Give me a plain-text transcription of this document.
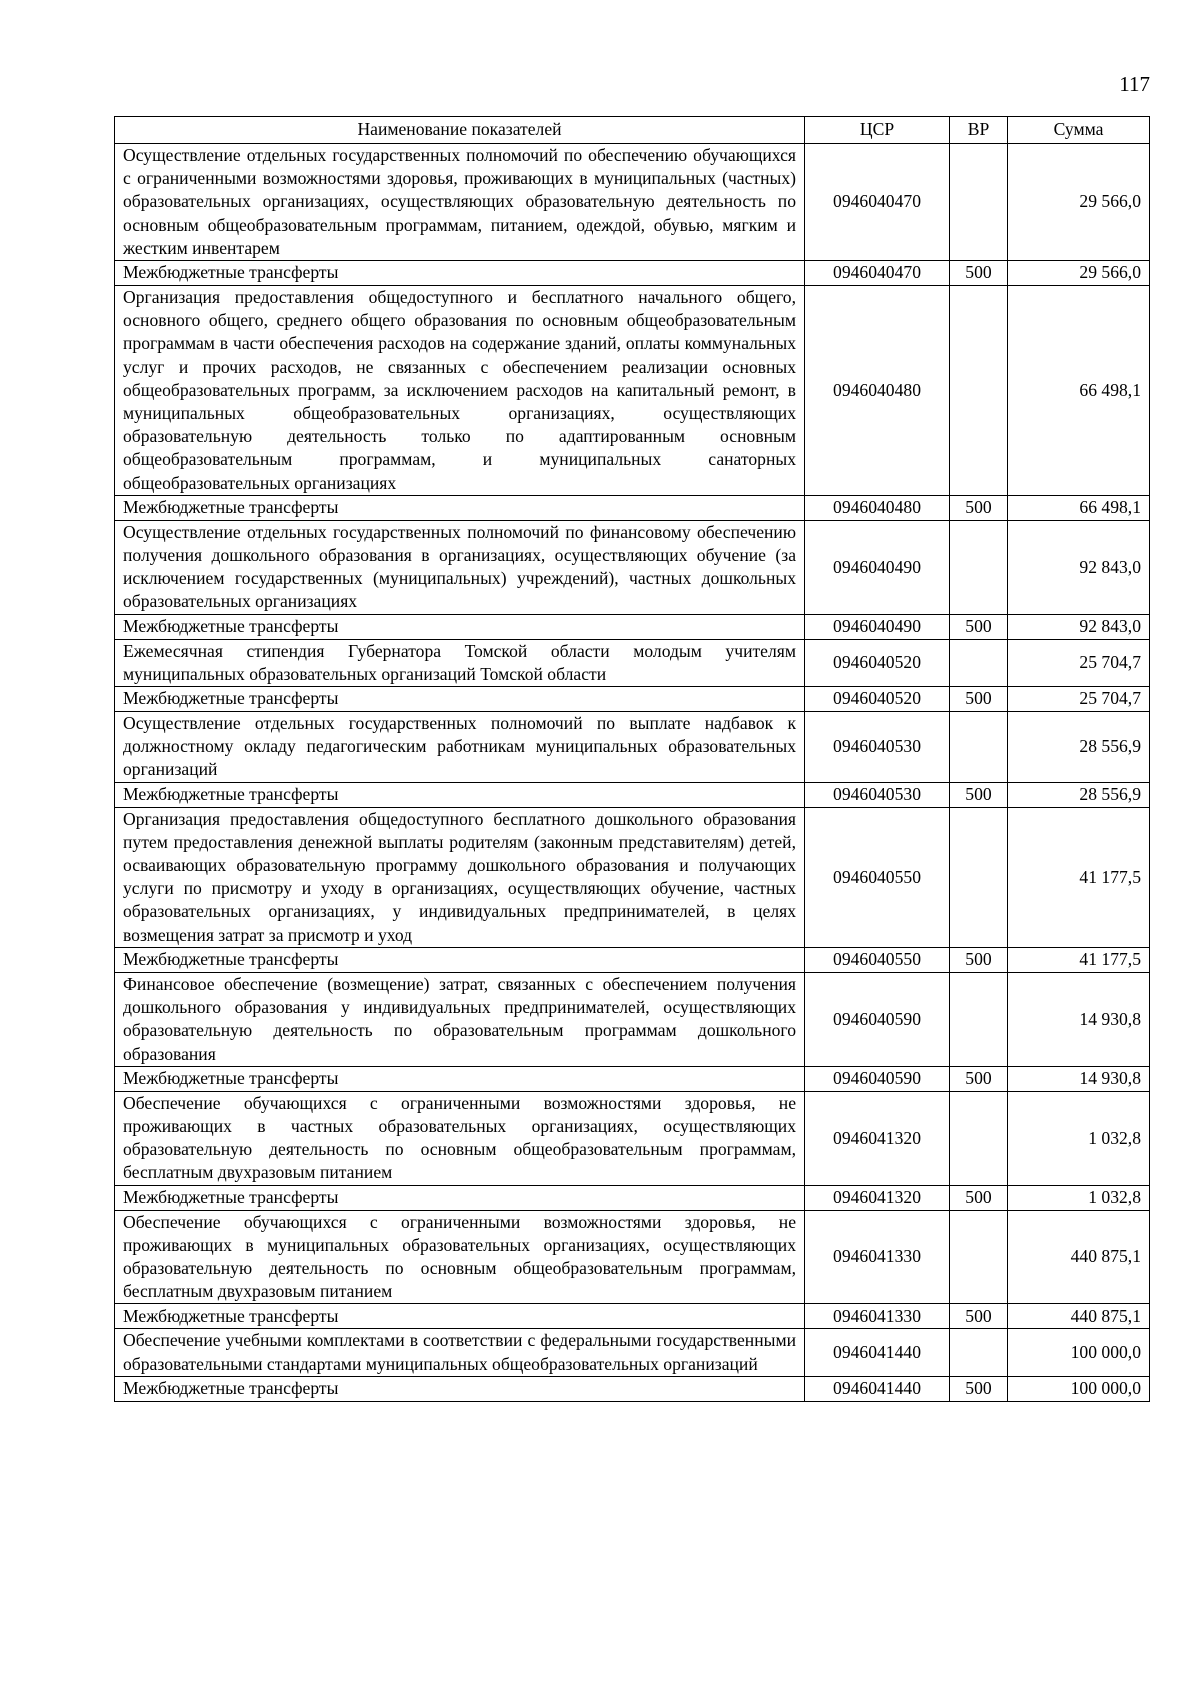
117
Наименование показателей	ЦСР	ВР	Сумма
Осуществление отдельных государственных полномочий по обеспечению обучающихся с ограниченными возможностями здоровья, проживающих в муниципальных (частных) образовательных организациях, осуществляющих образовательную деятельность по основным общеобразовательным программам, питанием, одеждой, обувью, мягким и жестким инвентарем	0946040470		29 566,0
Межбюджетные трансферты	0946040470	500	29 566,0
Организация предоставления общедоступного и бесплатного начального общего, основного общего, среднего общего образования по основным общеобразовательным программам в части обеспечения расходов на содержание зданий, оплаты коммунальных услуг и прочих расходов, не связанных с обеспечением реализации основных общеобразовательных программ, за исключением расходов на капитальный ремонт, в муниципальных общеобразовательных организациях, осуществляющих образовательную деятельность только по адаптированным основным общеобразовательным программам, и муниципальных санаторных общеобразовательных организациях	0946040480		66 498,1
Межбюджетные трансферты	0946040480	500	66 498,1
Осуществление отдельных государственных полномочий по финансовому обеспечению получения дошкольного образования в организациях, осуществляющих обучение (за исключением государственных (муниципальных) учреждений), частных дошкольных образовательных организациях	0946040490		92 843,0
Межбюджетные трансферты	0946040490	500	92 843,0
Ежемесячная стипендия Губернатора Томской области молодым учителям муниципальных образовательных организаций Томской области	0946040520		25 704,7
Межбюджетные трансферты	0946040520	500	25 704,7
Осуществление отдельных государственных полномочий по выплате надбавок к должностному окладу педагогическим работникам муниципальных образовательных организаций	0946040530		28 556,9
Межбюджетные трансферты	0946040530	500	28 556,9
Организация предоставления общедоступного бесплатного дошкольного образования путем предоставления денежной выплаты родителям (законным представителям) детей, осваивающих образовательную программу дошкольного образования и получающих услуги по присмотру и уходу в организациях, осуществляющих обучение, частных образовательных организациях, у индивидуальных предпринимателей, в целях возмещения затрат за присмотр и уход	0946040550		41 177,5
Межбюджетные трансферты	0946040550	500	41 177,5
Финансовое обеспечение (возмещение) затрат, связанных с обеспечением получения дошкольного образования у индивидуальных предпринимателей, осуществляющих образовательную деятельность по образовательным программам дошкольного образования	0946040590		14 930,8
Межбюджетные трансферты	0946040590	500	14 930,8
Обеспечение обучающихся с ограниченными возможностями здоровья, не проживающих в частных образовательных организациях, осуществляющих образовательную деятельность по основным общеобразовательным программам, бесплатным двухразовым питанием	0946041320		1 032,8
Межбюджетные трансферты	0946041320	500	1 032,8
Обеспечение обучающихся с ограниченными возможностями здоровья, не проживающих в муниципальных образовательных организациях, осуществляющих образовательную деятельность по основным общеобразовательным программам, бесплатным двухразовым питанием	0946041330		440 875,1
Межбюджетные трансферты	0946041330	500	440 875,1
Обеспечение учебными комплектами в соответствии с федеральными государственными образовательными стандартами муниципальных общеобразовательных организаций	0946041440		100 000,0
Межбюджетные трансферты	0946041440	500	100 000,0
